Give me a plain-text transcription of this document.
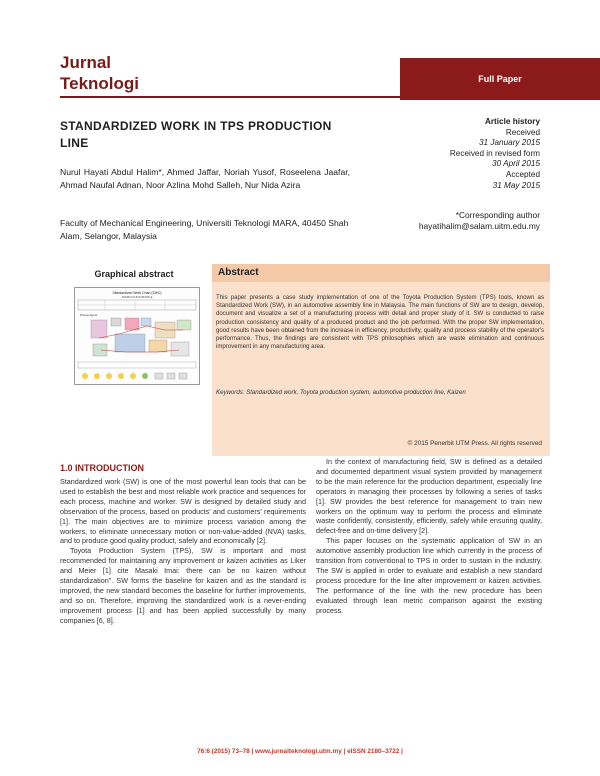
Jurnal
Teknologi	Full Paper
STANDARDIZED WORK IN TPS PRODUCTION LINE
Nurul Hayati Abdul Halim*, Ahmed Jaffar, Noriah Yusof, Roseelena Jaafar, Ahmad Naufal Adnan, Noor Azlina Mohd Salleh, Nur Nida Azira
Faculty of Mechanical Engineering, Universiti Teknologi MARA, 40450 Shah Alam, Selangor, Malaysia
Article history
Received
31 January 2015
Received in revised form
30 April 2015
Accepted
31 May 2015
*Corresponding author
hayatihalim@salam.uitm.edu.my
Graphical abstract
Standardized Work Chart (SWC)
[WN/BACKUP/FOB/PATH]
Process layout
Abstract
This paper presents a case study implementation of one of the Toyota Production System (TPS) tools, known as Standardized Work (SW), in an automotive assembly line in Malaysia. The main functions of SW are to design, develop, document and visualize a set of a manufacturing process with detail and proper study of it. SW is conducted to raise production consistency and quality of a produced product and the job performed. With the proper SW implementation, good results have been obtained from the increase in efficiency, productivity, quality and process stability of the operator's performance. Thus, the findings are consistent with TPS philosophies which are waste elimination and continuous improvement in any manufacturing area.
Keywords: Standardized work, Toyota production system, automotive production line, Kaizen
© 2015 Penerbit UTM Press. All rights reserved
1.0 INTRODUCTION

Standardized work (SW) is one of the most powerful lean tools that can be used to establish the best and most reliable work practice and sequences for each process, machine and worker. SW is designed by detailed study and observation of the process, based on products' and customers' requirements [1]. The main objectives are to minimize process variation among the workers, to eliminate unnecessary motion or non-value-added (NVA) tasks, and to produce good quality product, safely and economically [2].

Toyota Production System (TPS), SW is important and most recommended for maintaining any improvement or kaizen activities as Liker and Meier [1] cite Masaki Imai: there can be no kaizen without standardization". SW forms the baseline for kaizen and as the standard is improved, the new standard becomes the baseline for further improvements, and so on. Therefore, improving the standardized work is a never-ending improvement process [1] and has been applied successfully by many companies [6, 8].

In the context of manufacturing field, SW is defined as a detailed and documented department visual system provided by management to be the main reference for the production department, especially line operators in managing their processes by following a series of tasks [1]. SW provides the best reference for management to train new workers on the optimum way to perform the process and eliminate waste confidently, consistently, efficiently, safely while ensuring quality, defect-free and on-time delivery [2].

This paper focuses on the systematic application of SW in an automotive assembly production line which currently in the process of transition from conventional to TPS in order to sustain in the industry. The SW is applied in order to evaluate and establish a new standard process procedure for the line after improvement or kaizen activities. The performance of the line with the new procedure has been evaluated through lean metric comparison against the existing process.

76:6 (2015) 73–78 | www.jurnalteknologi.utm.my | eISSN 2180–3722 |
